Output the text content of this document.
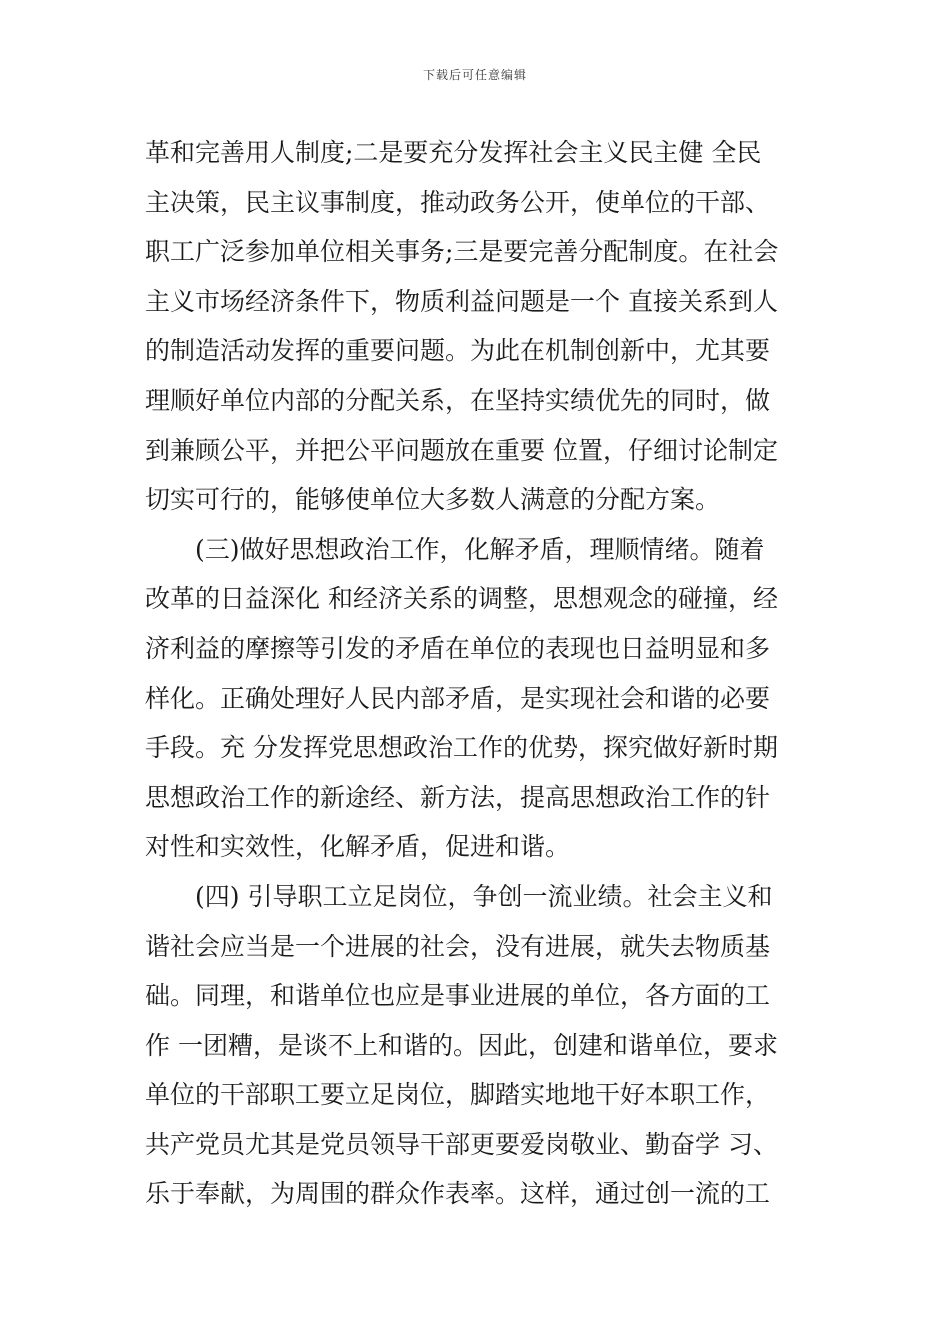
下载后可任意编辑
革和完善用人制度;二是要充分发挥社会主义民主健 全民
主决策，民主议事制度，推动政务公开，使单位的干部、
职工广泛参加单位相关事务;三是要完善分配制度。在社会
主义市场经济条件下，物质利益问题是一个 直接关系到人
的制造活动发挥的重要问题。为此在机制创新中，尤其要
理顺好单位内部的分配关系，在坚持实绩优先的同时，做
到兼顾公平，并把公平问题放在重要 位置，仔细讨论制定
切实可行的，能够使单位大多数人满意的分配方案。
(三)做好思想政治工作，化解矛盾，理顺情绪。随着
改革的日益深化 和经济关系的调整，思想观念的碰撞，经
济利益的摩擦等引发的矛盾在单位的表现也日益明显和多
样化。正确处理好人民内部矛盾，是实现社会和谐的必要
手段。充 分发挥党思想政治工作的优势，探究做好新时期
思想政治工作的新途经、新方法，提高思想政治工作的针
对性和实效性，化解矛盾，促进和谐。
(四) 引导职工立足岗位，争创一流业绩。社会主义和
谐社会应当是一个进展的社会，没有进展，就失去物质基
础。同理，和谐单位也应是事业进展的单位，各方面的工
作 一团糟，是谈不上和谐的。因此，创建和谐单位，要求
单位的干部职工要立足岗位，脚踏实地地干好本职工作，
共产党员尤其是党员领导干部更要爱岗敬业、勤奋学 习、
乐于奉献，为周围的群众作表率。这样，通过创一流的工
